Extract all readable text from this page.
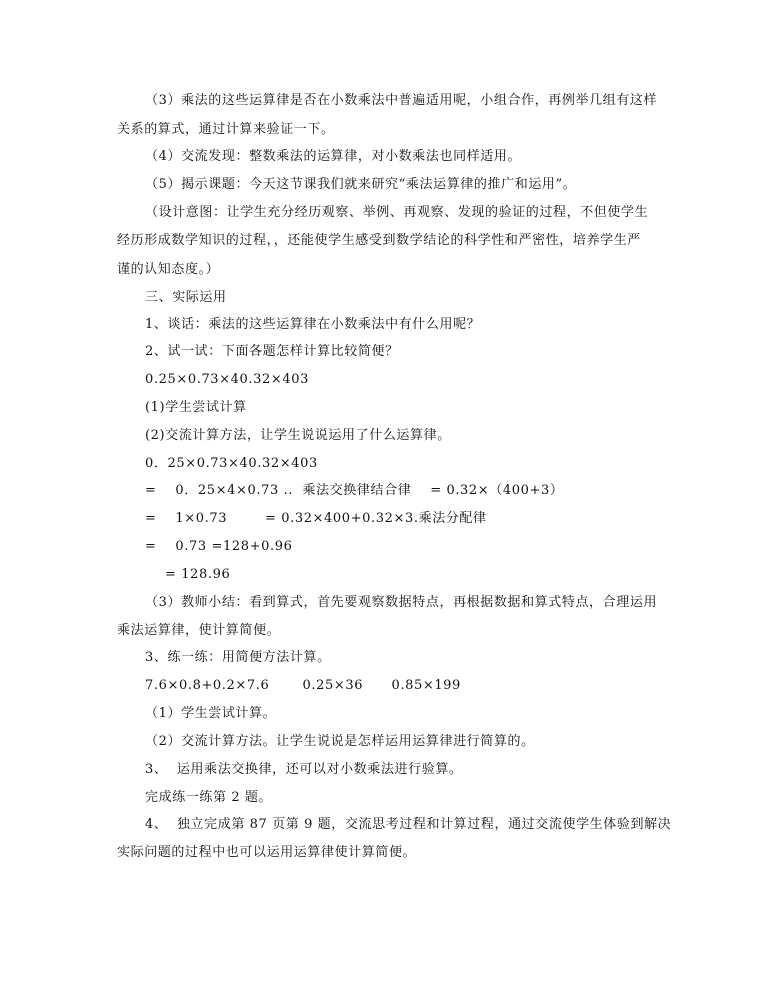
（3）乘法的这些运算律是否在小数乘法中普遍适用呢，小组合作，再例举几组有这样
关系的算式，通过计算来验证一下。
（4）交流发现：整数乘法的运算律，对小数乘法也同样适用。
（5）揭示课题：今天这节课我们就来研究“乘法运算律的推广和运用”。
（设计意图：让学生充分经历观察、举例、再观察、发现的验证的过程，不但使学生
经历形成数学知识的过程，，还能使学生感受到数学结论的科学性和严密性，培养学生严
谨的认知态度。）
三、实际运用
1、谈话：乘法的这些运算律在小数乘法中有什么用呢？
2、试一试：下面各题怎样计算比较简便？
0.25×0.73×40.32×403
(1)学生尝试计算
(2)交流计算方法，让学生说说运用了什么运算律。
0．25×0.73×40.32×403
=    0．25×4×0.73 ..  乘法交换律结合律    = 0.32×（400+3）
=    1×0.73        = 0.32×400+0.32×3.乘法分配律
=    0.73 =128+0.96
= 128.96
（3）教师小结：看到算式，首先要观察数据特点，再根据数据和算式特点，合理运用
乘法运算律，使计算简便。
3、练一练：用简便方法计算。
7.6×0.8+0.2×7.6       0.25×36      0.85×199
（1）学生尝试计算。
（2）交流计算方法。让学生说说是怎样运用运算律进行简算的。
3、  运用乘法交换律，还可以对小数乘法进行验算。
完成练一练第 2 题。
4、  独立完成第 87 页第 9 题，交流思考过程和计算过程，通过交流使学生体验到解决
实际问题的过程中也可以运用运算律使计算简便。
